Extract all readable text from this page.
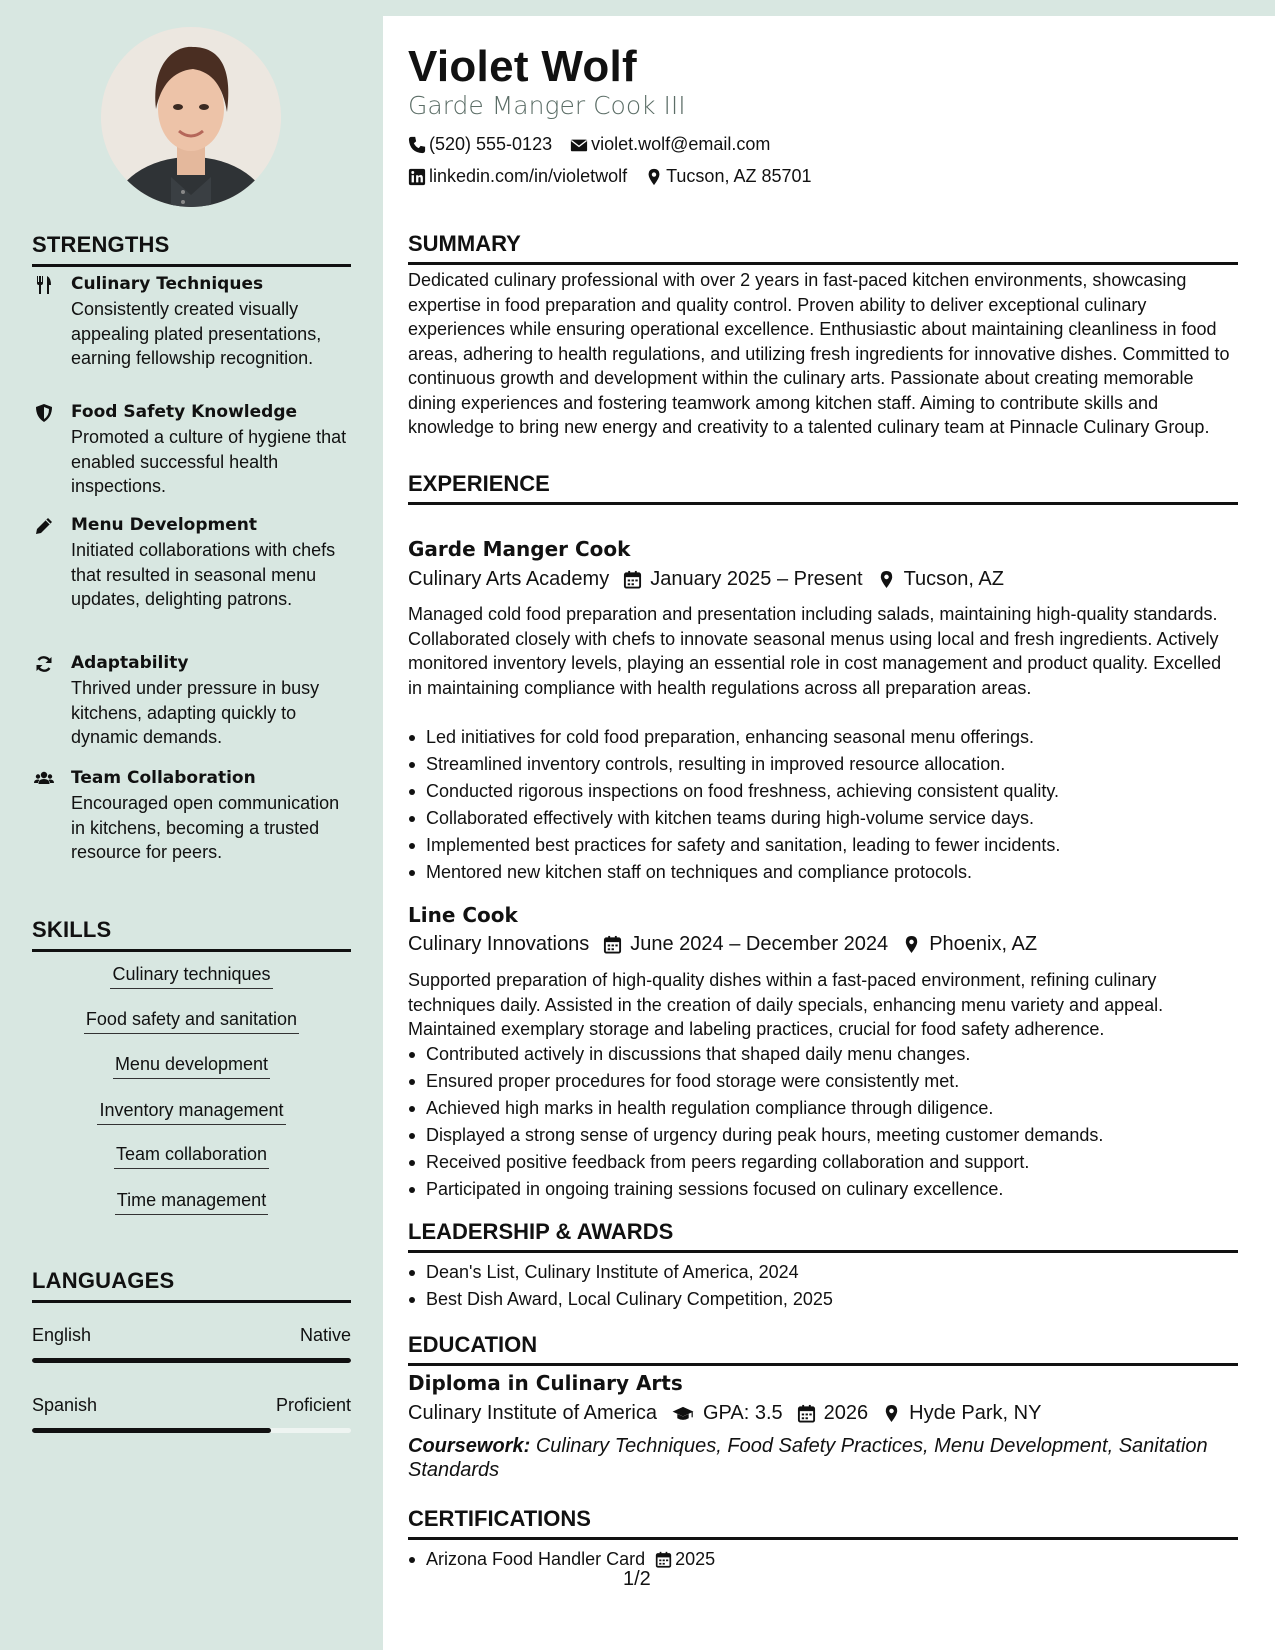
STRENGTHS
Culinary Techniques
Consistently created visually appealing plated presentations, earning fellowship recognition.
Food Safety Knowledge
Promoted a culture of hygiene that enabled successful health inspections.
Menu Development
Initiated collaborations with chefs that resulted in seasonal menu updates, delighting patrons.
Adaptability
Thrived under pressure in busy kitchens, adapting quickly to dynamic demands.
Team Collaboration
Encouraged open communication in kitchens, becoming a trusted resource for peers.
SKILLS
Culinary techniques
Food safety and sanitation
Menu development
Inventory management
Team collaboration
Time management
LANGUAGES
English	Native
Spanish	Proficient
Violet Wolf
Garde Manger Cook III
(520) 555-0123 violet.wolf@email.com
linkedin.com/in/violetwolf Tucson, AZ 85701
SUMMARY
Dedicated culinary professional with over 2 years in fast-paced kitchen environments, showcasing expertise in food preparation and quality control. Proven ability to deliver exceptional culinary experiences while ensuring operational excellence. Enthusiastic about maintaining cleanliness in food areas, adhering to health regulations, and utilizing fresh ingredients for innovative dishes. Committed to continuous growth and development within the culinary arts. Passionate about creating memorable dining experiences and fostering teamwork among kitchen staff. Aiming to contribute skills and knowledge to bring new energy and creativity to a talented culinary team at Pinnacle Culinary Group.
EXPERIENCE
Garde Manger Cook
Culinary Arts Academy January 2025 – Present Tucson, AZ
Managed cold food preparation and presentation including salads, maintaining high-quality standards. Collaborated closely with chefs to innovate seasonal menus using local and fresh ingredients. Actively monitored inventory levels, playing an essential role in cost management and product quality. Excelled in maintaining compliance with health regulations across all preparation areas.
Led initiatives for cold food preparation, enhancing seasonal menu offerings.
Streamlined inventory controls, resulting in improved resource allocation.
Conducted rigorous inspections on food freshness, achieving consistent quality.
Collaborated effectively with kitchen teams during high-volume service days.
Implemented best practices for safety and sanitation, leading to fewer incidents.
Mentored new kitchen staff on techniques and compliance protocols.
Line Cook
Culinary Innovations June 2024 – December 2024 Phoenix, AZ
Supported preparation of high-quality dishes within a fast-paced environment, refining culinary techniques daily. Assisted in the creation of daily specials, enhancing menu variety and appeal. Maintained exemplary storage and labeling practices, crucial for food safety adherence.
Contributed actively in discussions that shaped daily menu changes.
Ensured proper procedures for food storage were consistently met.
Achieved high marks in health regulation compliance through diligence.
Displayed a strong sense of urgency during peak hours, meeting customer demands.
Received positive feedback from peers regarding collaboration and support.
Participated in ongoing training sessions focused on culinary excellence.
LEADERSHIP & AWARDS
Dean's List, Culinary Institute of America, 2024
Best Dish Award, Local Culinary Competition, 2025
EDUCATION
Diploma in Culinary Arts
Culinary Institute of America GPA: 3.5 2026 Hyde Park, NY
Coursework: Culinary Techniques, Food Safety Practices, Menu Development, Sanitation Standards
CERTIFICATIONS
Arizona Food Handler Card 2025
1/2
